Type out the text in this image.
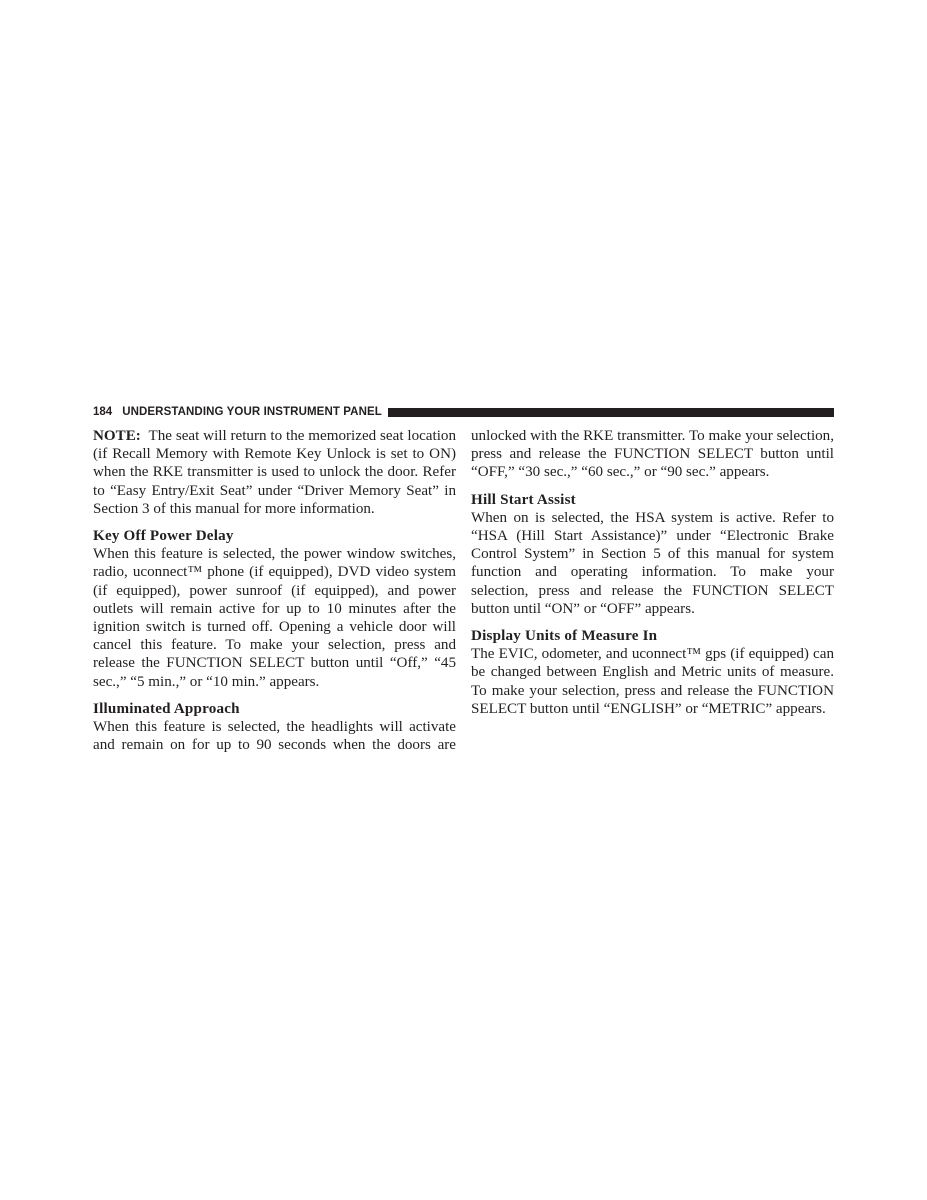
184 UNDERSTANDING YOUR INSTRUMENT PANEL

NOTE: The seat will return to the memorized seat location (if Recall Memory with Remote Key Unlock is set to ON) when the RKE transmitter is used to unlock the door. Refer to “Easy Entry/Exit Seat” under “Driver Memory Seat” in Section 3 of this manual for more information.

Key Off Power Delay

When this feature is selected, the power window switches, radio, uconnect™ phone (if equipped), DVD video system (if equipped), power sunroof (if equipped), and power outlets will remain active for up to 10 minutes after the ignition switch is turned off. Opening a vehicle door will cancel this feature. To make your selection, press and release the FUNCTION SELECT button until “Off,” “45 sec.,” “5 min.,” or “10 min.” appears.

Illuminated Approach

When this feature is selected, the headlights will activate and remain on for up to 90 seconds when the doors are

unlocked with the RKE transmitter. To make your selection, press and release the FUNCTION SELECT button until “OFF,” “30 sec.,” “60 sec.,” or “90 sec.” appears.

Hill Start Assist

When on is selected, the HSA system is active. Refer to “HSA (Hill Start Assistance)” under “Electronic Brake Control System” in Section 5 of this manual for system function and operating information. To make your selection, press and release the FUNCTION SELECT button until “ON” or “OFF” appears.

Display Units of Measure In

The EVIC, odometer, and uconnect™ gps (if equipped) can be changed between English and Metric units of measure. To make your selection, press and release the FUNCTION SELECT button until “ENGLISH” or “METRIC” appears.
